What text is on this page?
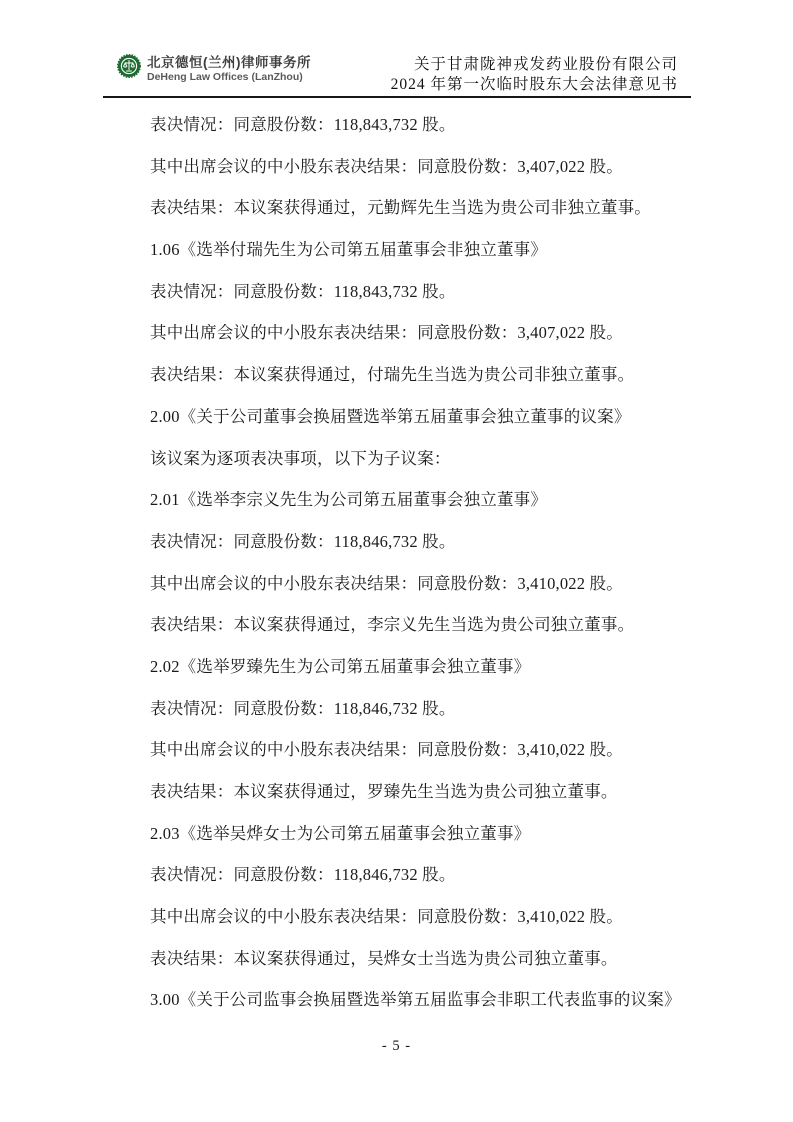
北京德恒(兰州)律师事务所
DeHeng Law Offices (LanZhou)
关于甘肃陇神戎发药业股份有限公司
2024 年第一次临时股东大会法律意见书

表决情况：同意股份数：118,843,732 股。

其中出席会议的中小股东表决结果：同意股份数：3,407,022 股。

表决结果：本议案获得通过，元勤辉先生当选为贵公司非独立董事。

1.06《选举付瑞先生为公司第五届董事会非独立董事》

表决情况：同意股份数：118,843,732 股。

其中出席会议的中小股东表决结果：同意股份数：3,407,022 股。

表决结果：本议案获得通过，付瑞先生当选为贵公司非独立董事。

2.00《关于公司董事会换届暨选举第五届董事会独立董事的议案》

该议案为逐项表决事项，以下为子议案：

2.01《选举李宗义先生为公司第五届董事会独立董事》

表决情况：同意股份数：118,846,732 股。

其中出席会议的中小股东表决结果：同意股份数：3,410,022 股。

表决结果：本议案获得通过，李宗义先生当选为贵公司独立董事。

2.02《选举罗臻先生为公司第五届董事会独立董事》

表决情况：同意股份数：118,846,732 股。

其中出席会议的中小股东表决结果：同意股份数：3,410,022 股。

表决结果：本议案获得通过，罗臻先生当选为贵公司独立董事。

2.03《选举吴烨女士为公司第五届董事会独立董事》

表决情况：同意股份数：118,846,732 股。

其中出席会议的中小股东表决结果：同意股份数：3,410,022 股。

表决结果：本议案获得通过，吴烨女士当选为贵公司独立董事。

3.00《关于公司监事会换届暨选举第五届监事会非职工代表监事的议案》

- 5 -
